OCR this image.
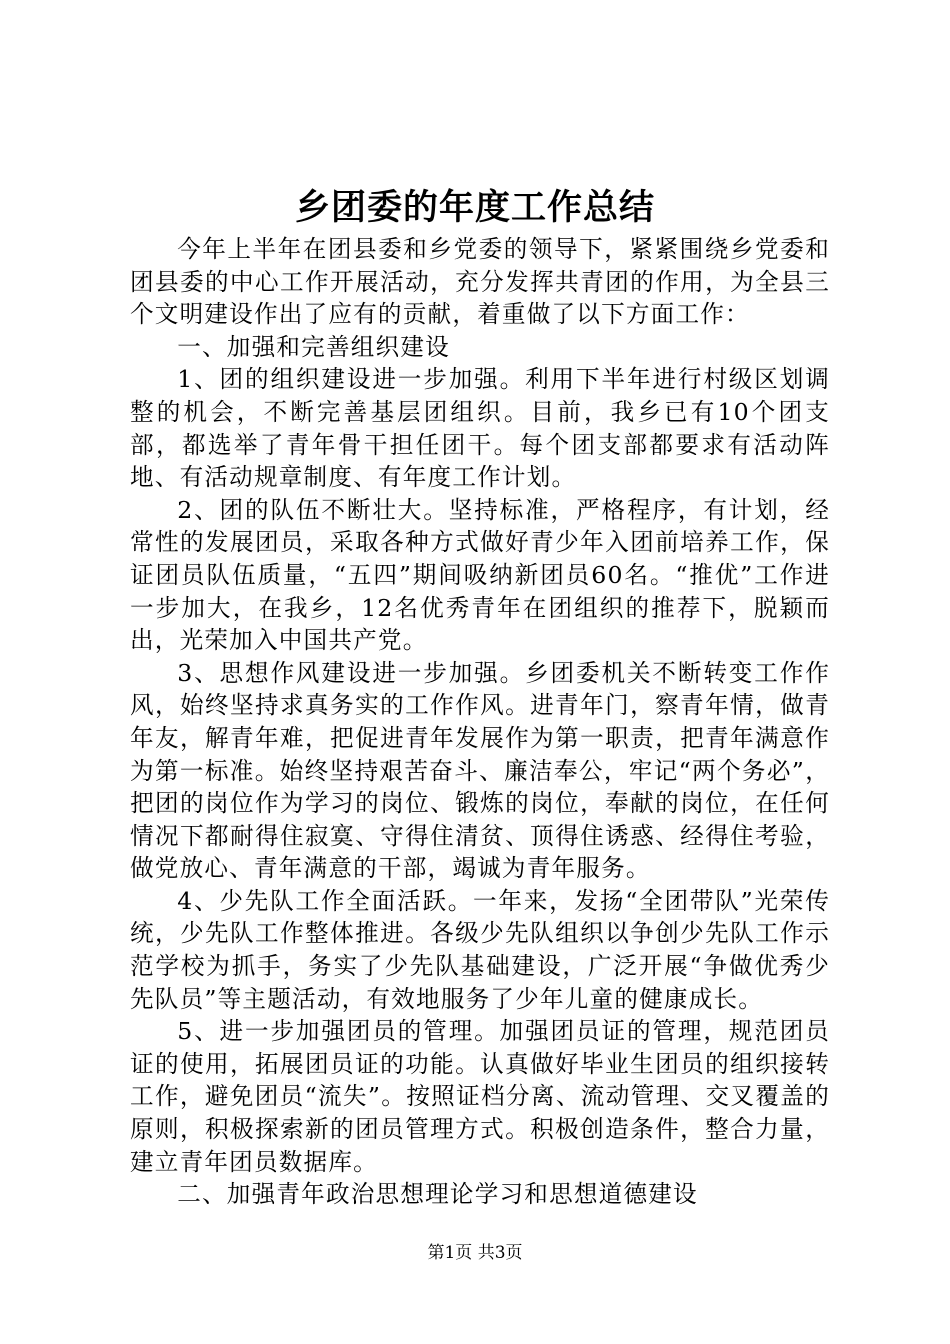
乡团委的年度工作总结

今年上半年在团县委和乡党委的领导下，紧紧围绕乡党委和团县委的中心工作开展活动，充分发挥共青团的作用，为全县三个文明建设作出了应有的贡献，着重做了以下方面工作：

一、加强和完善组织建设

1、团的组织建设进一步加强。利用下半年进行村级区划调整的机会，不断完善基层团组织。目前，我乡已有10个团支部，都选举了青年骨干担任团干。每个团支部都要求有活动阵地、有活动规章制度、有年度工作计划。

2、团的队伍不断壮大。坚持标准，严格程序，有计划，经常性的发展团员，采取各种方式做好青少年入团前培养工作，保证团员队伍质量，“五四”期间吸纳新团员60名。“推优”工作进一步加大，在我乡，12名优秀青年在团组织的推荐下，脱颖而出，光荣加入中国共产党。

3、思想作风建设进一步加强。乡团委机关不断转变工作作风，始终坚持求真务实的工作作风。进青年门，察青年情，做青年友，解青年难，把促进青年发展作为第一职责，把青年满意作为第一标准。始终坚持艰苦奋斗、廉洁奉公，牢记“两个务必”，把团的岗位作为学习的岗位、锻炼的岗位，奉献的岗位，在任何情况下都耐得住寂寞、守得住清贫、顶得住诱惑、经得住考验，做党放心、青年满意的干部，竭诚为青年服务。

4、少先队工作全面活跃。一年来，发扬“全团带队”光荣传统，少先队工作整体推进。各级少先队组织以争创少先队工作示范学校为抓手，务实了少先队基础建设，广泛开展“争做优秀少先队员”等主题活动，有效地服务了少年儿童的健康成长。

5、进一步加强团员的管理。加强团员证的管理，规范团员证的使用，拓展团员证的功能。认真做好毕业生团员的组织接转工作，避免团员“流失”。按照证档分离、流动管理、交叉覆盖的原则，积极探索新的团员管理方式。积极创造条件，整合力量，建立青年团员数据库。

二、加强青年政治思想理论学习和思想道德建设

第1页 共3页
